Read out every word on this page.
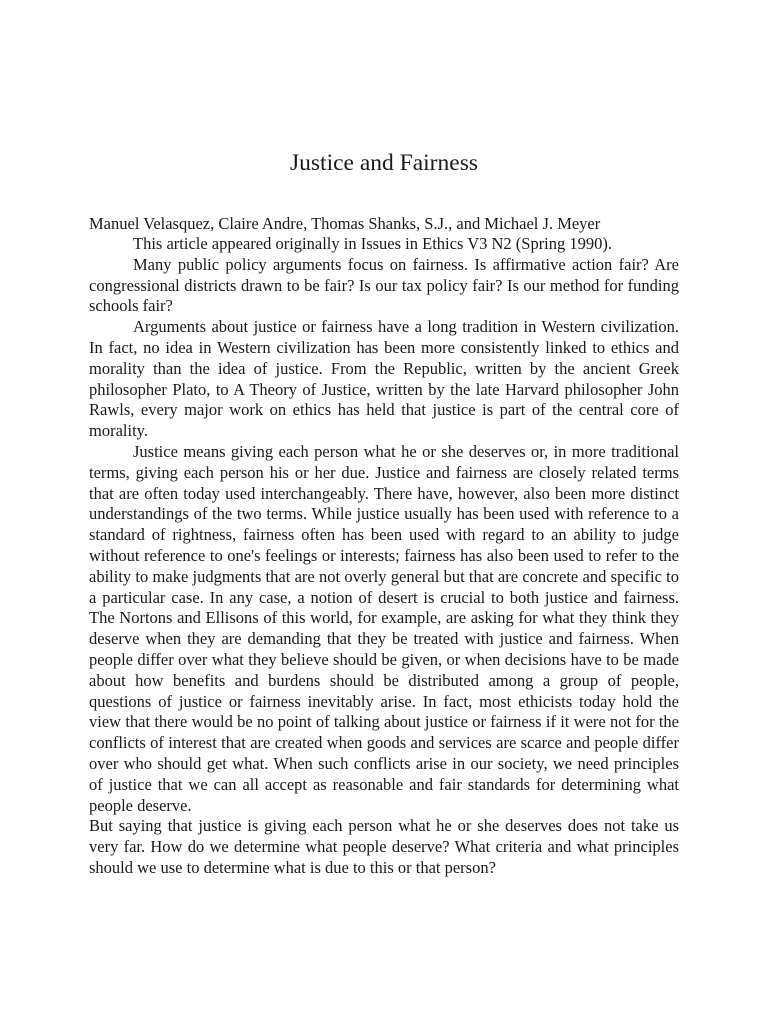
Justice and Fairness

Manuel Velasquez, Claire Andre, Thomas Shanks, S.J., and Michael J. Meyer

This article appeared originally in Issues in Ethics V3 N2 (Spring 1990).

Many public policy arguments focus on fairness. Is affirmative action fair? Are congressional districts drawn to be fair? Is our tax policy fair? Is our method for funding schools fair?

Arguments about justice or fairness have a long tradition in Western civilization. In fact, no idea in Western civilization has been more consistently linked to ethics and morality than the idea of justice. From the Republic, written by the ancient Greek philosopher Plato, to A Theory of Justice, written by the late Harvard philosopher John Rawls, every major work on ethics has held that justice is part of the central core of morality.

Justice means giving each person what he or she deserves or, in more traditional terms, giving each person his or her due. Justice and fairness are closely related terms that are often today used interchangeably. There have, however, also been more distinct understandings of the two terms. While justice usually has been used with reference to a standard of rightness, fairness often has been used with regard to an ability to judge without reference to one's feelings or interests; fairness has also been used to refer to the ability to make judgments that are not overly general but that are concrete and specific to a particular case. In any case, a notion of desert is crucial to both justice and fairness. The Nortons and Ellisons of this world, for example, are asking for what they think they deserve when they are demanding that they be treated with justice and fairness. When people differ over what they believe should be given, or when decisions have to be made about how benefits and burdens should be distributed among a group of people, questions of justice or fairness inevitably arise. In fact, most ethicists today hold the view that there would be no point of talking about justice or fairness if it were not for the conflicts of interest that are created when goods and services are scarce and people differ over who should get what. When such conflicts arise in our society, we need principles of justice that we can all accept as reasonable and fair standards for determining what people deserve.

But saying that justice is giving each person what he or she deserves does not take us very far. How do we determine what people deserve? What criteria and what principles should we use to determine what is due to this or that person?
